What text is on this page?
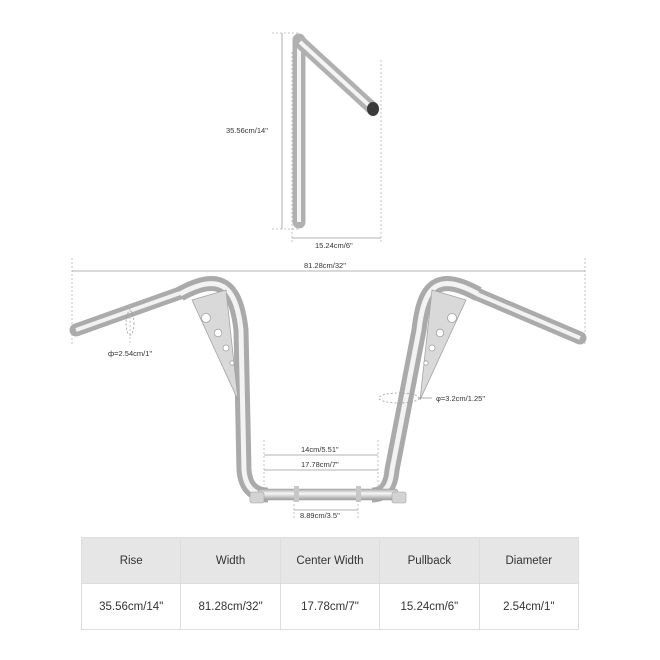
35.56cm/14"
15.24cm/6"
81.28cm/32"
ф=2.54cm/1"
φ=3.2cm/1.25"
14cm/5.51"
17.78cm/7"
8.89cm/3.5"
Rise	Width	Center Width	Pullback	Diameter
35.56cm/14"	81.28cm/32"	17.78cm/7"	15.24cm/6"	2.54cm/1"
